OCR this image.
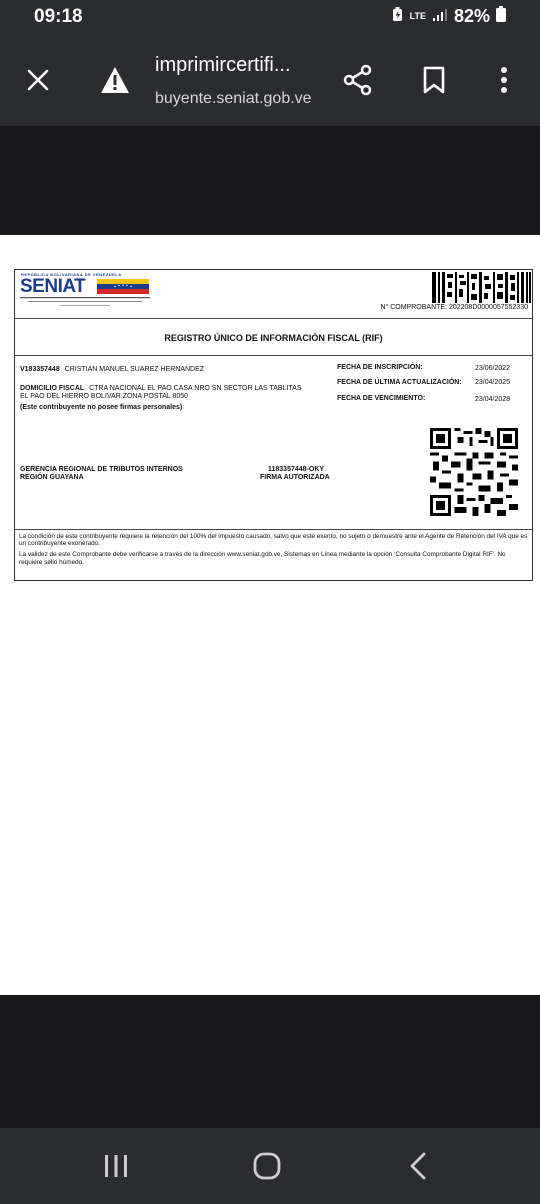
09:18	LTE 82%
imprimircertifi...
buyente.seniat.gob.ve
REPÚBLICA BOLIVARIANA DE VENEZUELA
SENIAT
N° COMPROBANTE: 202208D0000057552330
REGISTRO ÚNICO DE INFORMACIÓN FISCAL (RIF)
V183357448 CRISTIAN MANUEL SUAREZ HERNANDEZ
DOMICILIO FISCAL CTRA NACIONAL EL PAO CASA NRO SN SECTOR LAS TABLITAS
EL PAO DEL HIERRO BOLIVAR ZONA POSTAL 8050
(Este contribuyente no posee firmas personales)
FECHA DE INSCRIPCIÓN:	23/06/2022
FECHA DE ÚLTIMA ACTUALIZACIÓN: 23/04/2025
FECHA DE VENCIMIENTO:	23/04/2028
GERENCIA REGIONAL DE TRIBUTOS INTERNOS
REGIÓN GUAYANA
1183357448-OKY
FIRMA AUTORIZADA

La condición de este contribuyente requiere la retención del 100% del impuesto causado, salvo que esté exento, no sujeto o demuestre ante el Agente de Retención del IVA que es un contribuyente exonerado.

La validez de este Comprobante debe verificarse a través de la dirección www.seniat.gob.ve, Sistemas en Línea mediante la opción 'Consulta Comprobante Digital RIF'. No requiere sello húmedo.
